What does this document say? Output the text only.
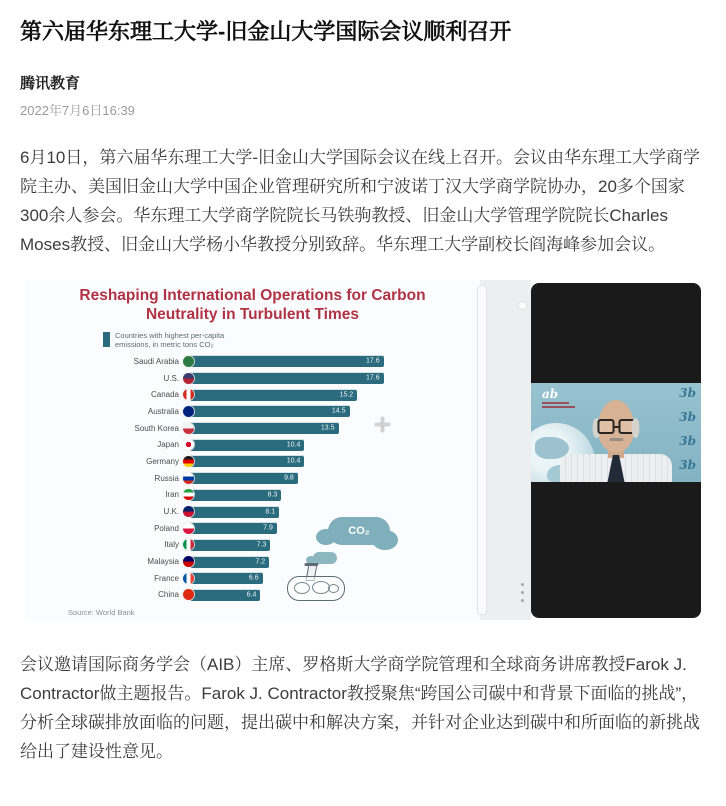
第六届华东理工大学-旧金山大学国际会议顺利召开
腾讯教育
2022年7月6日16:39

6月10日，第六届华东理工大学-旧金山大学国际会议在线上召开。会议由华东理工大学商学院主办、美国旧金山大学中国企业管理研究所和宁波诺丁汉大学商学院协办，20多个国家300余人参会。华东理工大学商学院院长马铁驹教授、旧金山大学管理学院院长Charles Moses教授、旧金山大学杨小华教授分别致辞。华东理工大学副校长阎海峰参加会议。

Reshaping International Operations for Carbon
Neutrality in Turbulent Times
Countries with highest per-capita
emissions, in metric tons CO₂
Saudi Arabia	17.6
U.S.	17.6
Canada	15.2
Australia	14.5
South Korea	13.5
Japan	10.4
Germany	10.4
Russia	9.8
Iran	8.3
U.K.	8.1
Poland	7.9
Italy	7.3
Malaysia	7.2
France	6.6
China	6.4
Source: World Bank
CO₂
ab	3b
3b
3b
3b

会议邀请国际商务学会（AIB）主席、罗格斯大学商学院管理和全球商务讲席教授Farok J. Contractor做主题报告。Farok J. Contractor教授聚焦“跨国公司碳中和背景下面临的挑战”，分析全球碳排放面临的问题，提出碳中和解决方案，并针对企业达到碳中和所面临的新挑战给出了建设性意见。
